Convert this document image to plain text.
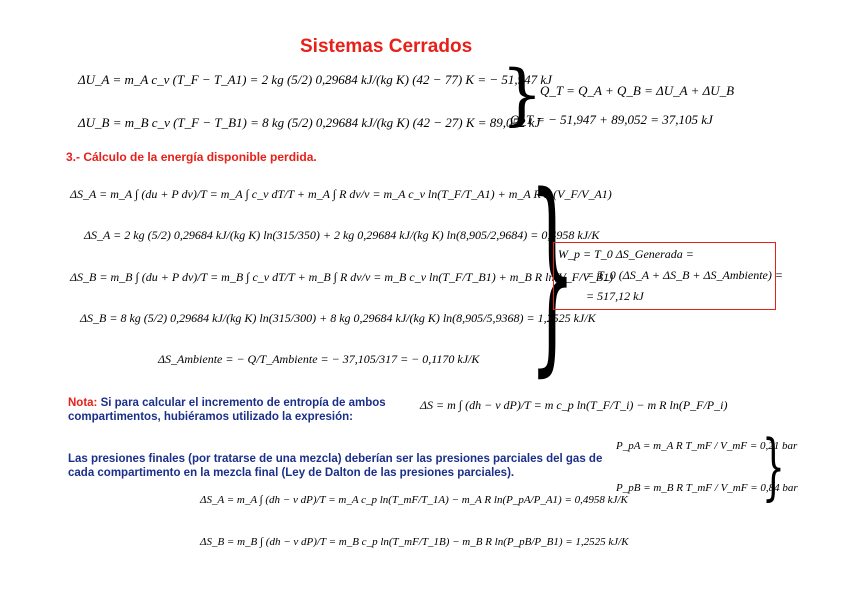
Sistemas Cerrados
ΔU_A = m_A c_v (T_F − T_A1) = 2 kg (5/2) 0,29684 kJ/(kg K) (42 − 77) K = − 51,947 kJ
ΔU_B = m_B c_v (T_F − T_B1) = 8 kg (5/2) 0,29684 kJ/(kg K) (42 − 27) K = 89,052 kJ
}
Q_T = Q_A + Q_B = ΔU_A + ΔU_B
Q_T = − 51,947 + 89,052 = 37,105 kJ
3.- Cálculo de la energía disponible perdida.
ΔS_A = m_A ∫ (du + P dv)/T = m_A ∫ c_v dT/T + m_A ∫ R dv/v = m_A c_v ln(T_F/T_A1) + m_A R ln(V_F/V_A1)
ΔS_A = 2 kg (5/2) 0,29684 kJ/(kg K) ln(315/350) + 2 kg 0,29684 kJ/(kg K) ln(8,905/2,9684) = 0,4958 kJ/K
ΔS_B = m_B ∫ (du + P dv)/T = m_B ∫ c_v dT/T + m_B ∫ R dv/v = m_B c_v ln(T_F/T_B1) + m_B R ln(V_F/V_B1)
ΔS_B = 8 kg (5/2) 0,29684 kJ/(kg K) ln(315/300) + 8 kg 0,29684 kJ/(kg K) ln(8,905/5,9368) = 1,2525 kJ/K
ΔS_Ambiente = − Q/T_Ambiente = − 37,105/317 = − 0,1170 kJ/K }
W_p = T_0 ΔS_Generada =
= T_0 (ΔS_A + ΔS_B + ΔS_Ambiente) =
= 517,12 kJ
Nota: Si para calcular el incremento de entropía de ambos compartimentos, hubiéramos utilizado la expresión:
ΔS = m ∫ (dh − v dP)/T = m c_p ln(T_F/T_i) − m R ln(P_F/P_i)
Las presiones finales (por tratarse de una mezcla) deberían ser las presiones parciales del gas de cada compartimento en la mezcla final (Ley de Dalton de las presiones parciales).
P_pA = m_A R T_mF / V_mF = 0,21 bar
P_pB = m_B R T_mF / V_mF = 0,84 bar
}
ΔS_A = m_A ∫ (dh − v dP)/T = m_A c_p ln(T_mF/T_1A) − m_A R ln(P_pA/P_A1) = 0,4958 kJ/K
ΔS_B = m_B ∫ (dh − v dP)/T = m_B c_p ln(T_mF/T_1B) − m_B R ln(P_pB/P_B1) = 1,2525 kJ/K
